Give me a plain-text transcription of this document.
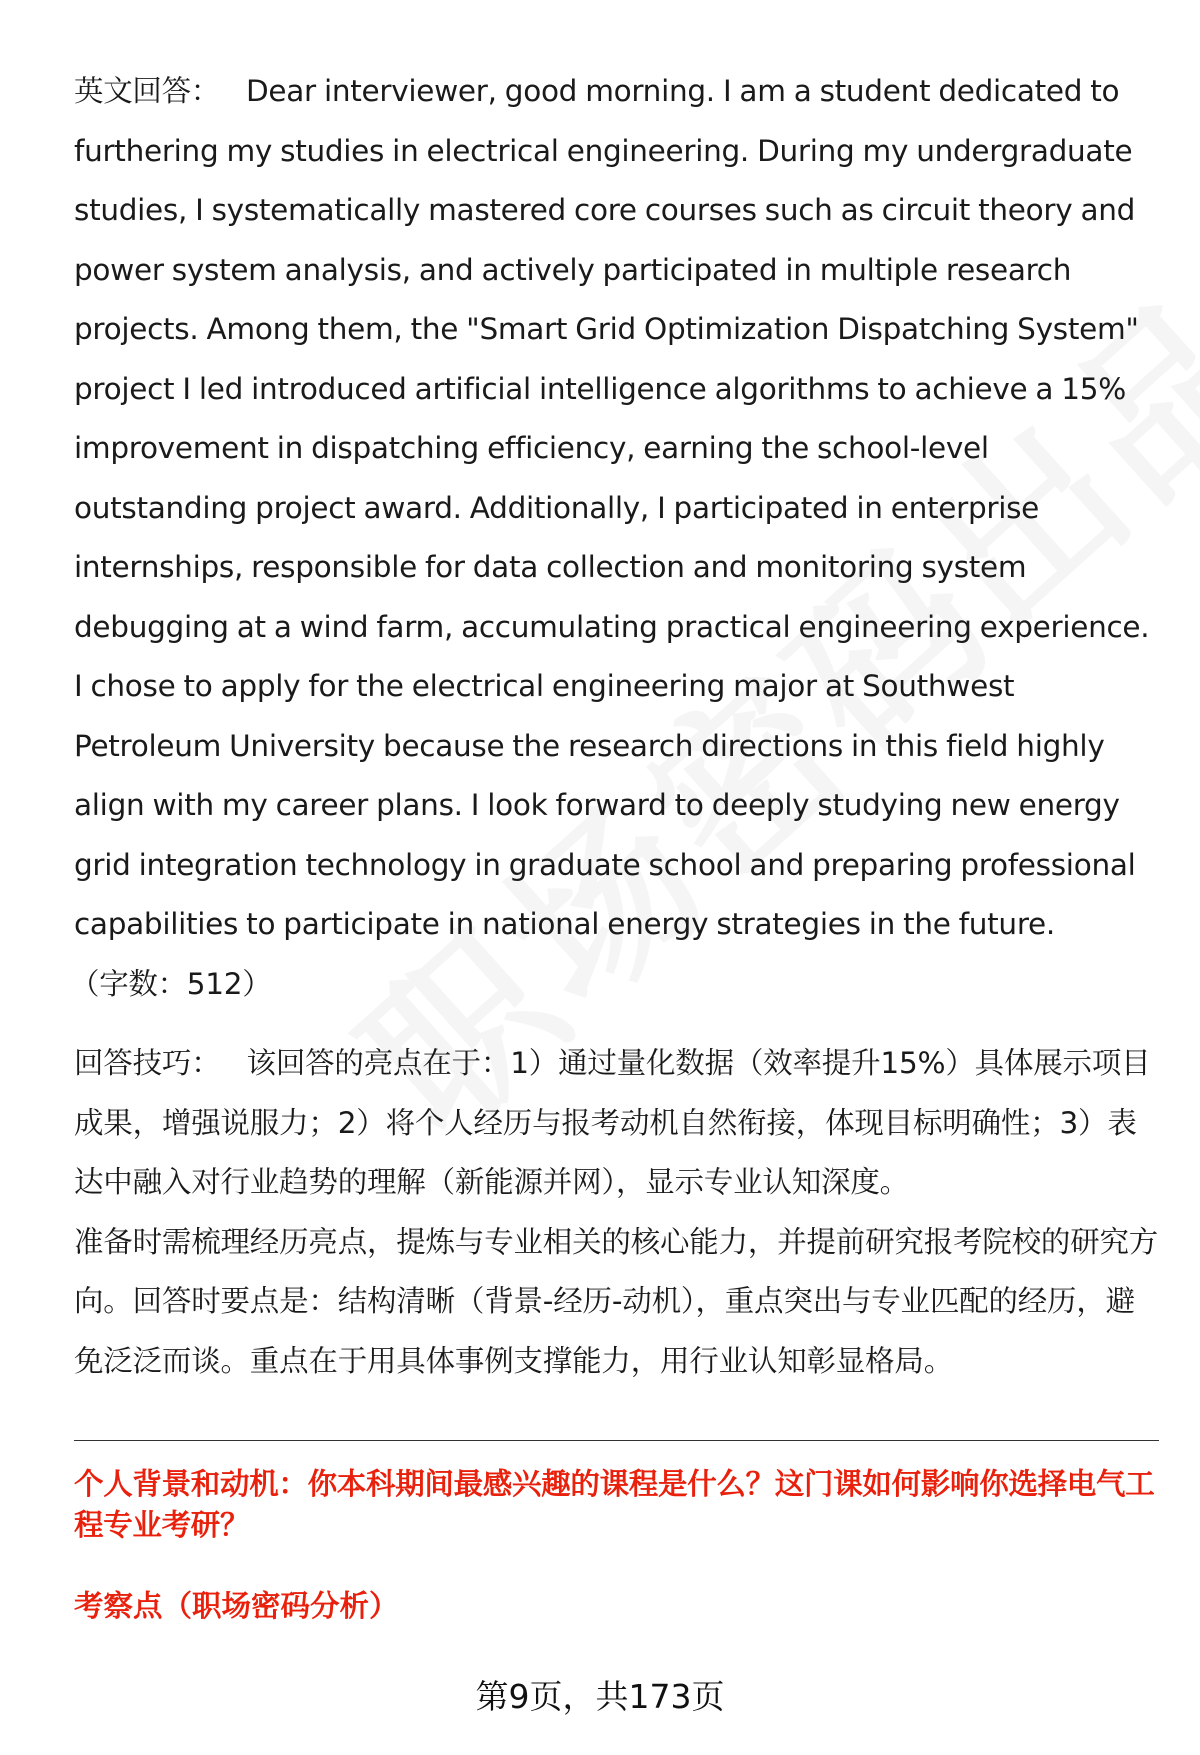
英文回答： Dear interviewer, good morning. I am a student dedicated to furthering my studies in electrical engineering. During my undergraduate studies, I systematically mastered core courses such as circuit theory and power system analysis, and actively participated in multiple research projects. Among them, the "Smart Grid Optimization Dispatching System" project I led introduced artificial intelligence algorithms to achieve a 15% improvement in dispatching efficiency, earning the school-level outstanding project award. Additionally, I participated in enterprise internships, responsible for data collection and monitoring system debugging at a wind farm, accumulating practical engineering experience. I chose to apply for the electrical engineering major at Southwest Petroleum University because the research directions in this field highly align with my career plans. I look forward to deeply studying new energy grid integration technology in graduate school and preparing professional capabilities to participate in national energy strategies in the future.
（字数：512）

回答技巧： 该回答的亮点在于：1）通过量化数据（效率提升15%）具体展示项目成果，增强说服力；2）将个人经历与报考动机自然衔接，体现目标明确性；3）表达中融入对行业趋势的理解（新能源并网），显示专业认知深度。

准备时需梳理经历亮点，提炼与专业相关的核心能力，并提前研究报考院校的研究方向。回答时要点是：结构清晰（背景-经历-动机），重点突出与专业匹配的经历，避免泛泛而谈。重点在于用具体事例支撑能力，用行业认知彰显格局。

个人背景和动机：你本科期间最感兴趣的课程是什么？这门课如何影响你选择电气工程专业考研？

考察点（职场密码分析）

第9页，共173页
